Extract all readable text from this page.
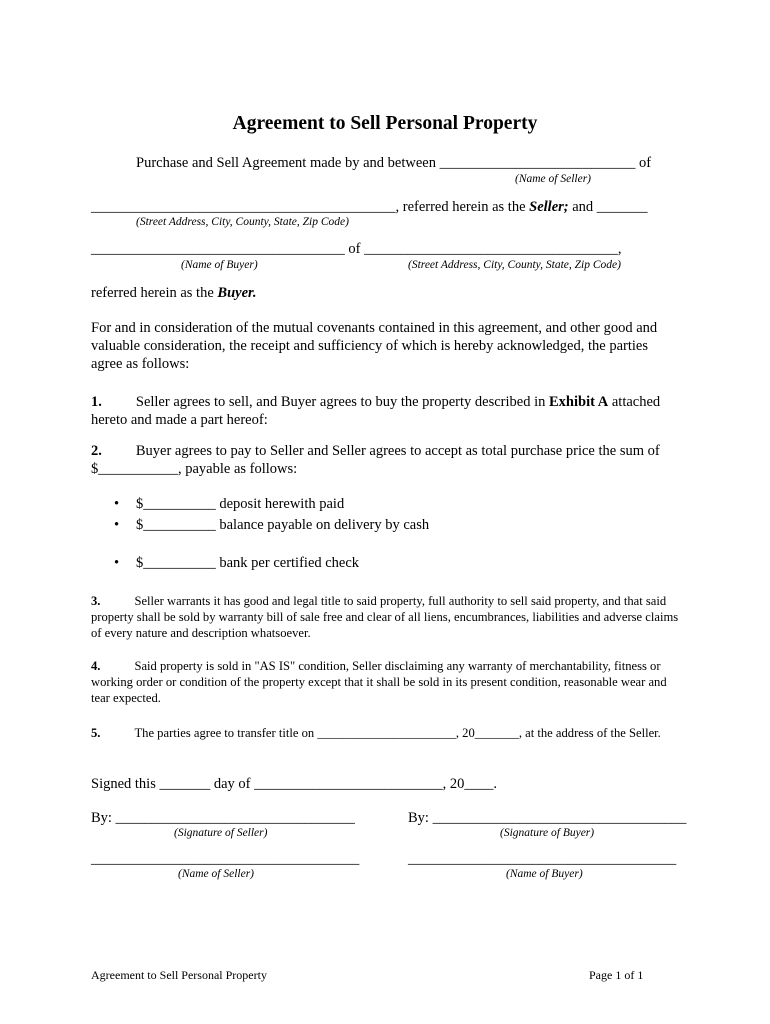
Agreement to Sell Personal Property
Purchase and Sell Agreement made by and between ___________________________ of
(Name of Seller)
__________________________________________, referred herein as the Seller; and _______
(Street Address, City, County, State, Zip Code)
___________________________________ of ___________________________________,
(Name of Buyer)	(Street Address, City, County, State, Zip Code)
referred herein as the Buyer.
For and in consideration of the mutual covenants contained in this agreement, and other good and valuable consideration, the receipt and sufficiency of which is hereby acknowledged, the parties agree as follows:
1. Seller agrees to sell, and Buyer agrees to buy the property described in Exhibit A attached hereto and made a part hereof:
2. Buyer agrees to pay to Seller and Seller agrees to accept as total purchase price the sum of $___________, payable as follows:
• $__________ deposit herewith paid
• $__________ balance payable on delivery by cash
• $__________ bank per certified check
3.	Seller warrants it has good and legal title to said property, full authority to sell said property, and that said property shall be sold by warranty bill of sale free and clear of all liens, encumbrances, liabilities and adverse claims of every nature and description whatsoever.
4.	Said property is sold in "AS IS" condition, Seller disclaiming any warranty of merchantability, fitness or working order or condition of the property except that it shall be sold in its present condition, reasonable wear and tear expected.
5.	The parties agree to transfer title on ______________________, 20_______, at the address of the Seller.
Signed this _______ day of __________________________, 20____.
By: _________________________________
(Signature of Seller)
By: ___________________________________
(Signature of Buyer)
_____________________________________
(Name of Seller)
_____________________________________
(Name of Buyer)
Agreement to Sell Personal Property	Page 1 of 1
